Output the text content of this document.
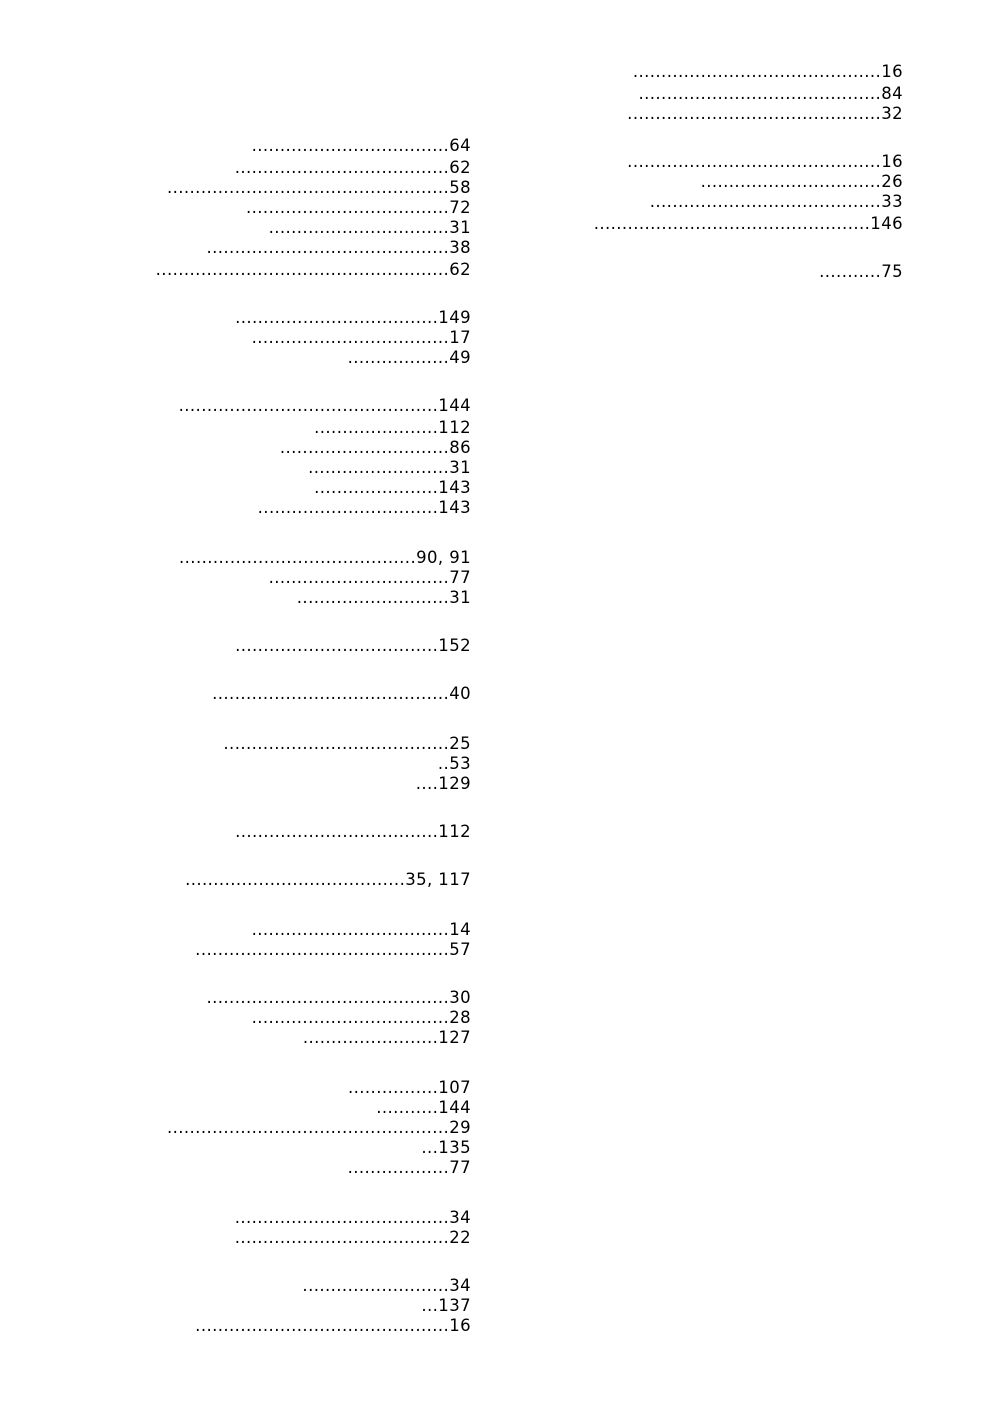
...................................64
......................................62
..................................................58
....................................72
................................31
...........................................38
....................................................62
....................................149
...................................17
..................49
..............................................144
......................112
..............................86
.........................31
......................143
................................143
..........................................90, 91
................................77
...........................31
....................................152
..........................................40
........................................25
..53
....129
....................................112
.......................................35, 117
...................................14
.............................................57
...........................................30
...................................28
........................127
................107
...........144
..................................................29
...135
..................77
......................................34
......................................22
..........................34
...137
.............................................16
............................................16
...........................................84
.............................................32
.............................................16
................................26
.........................................33
.................................................146
...........75
